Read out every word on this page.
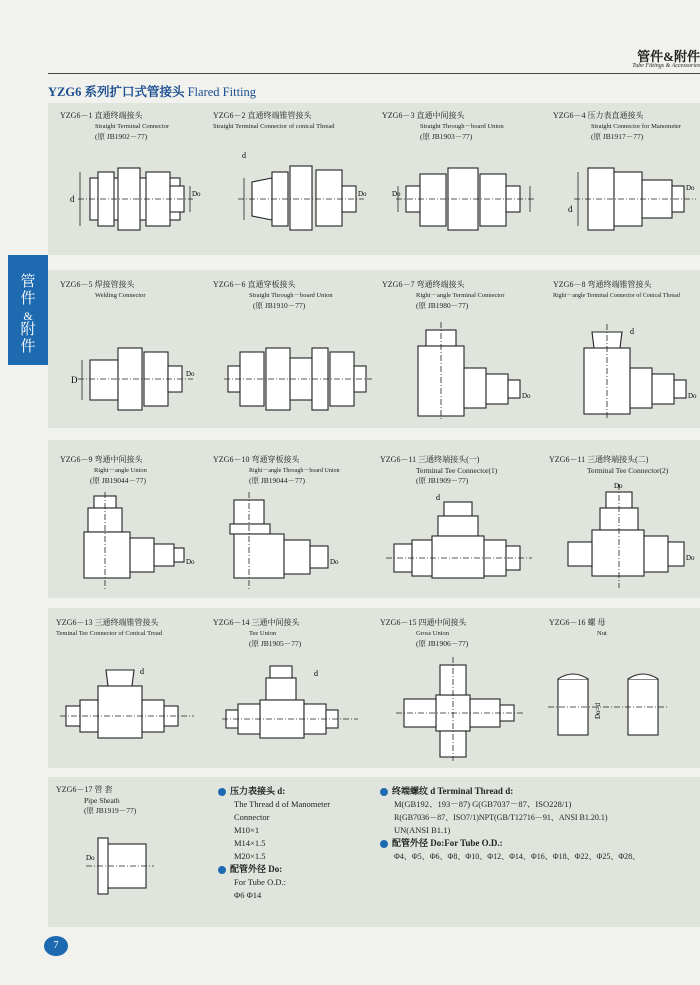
管件&附件
Tube Fittings & Accessories
YZG6 系列扩口式管接头 Flared Fitting
管
件
&
附
件
YZG6－1 直通终端接头
Straight Terminal Connector
(原 JB1902－77)
YZG6－2 直通终端锥管接头
Straight Terminal Connector of conical Thread
YZG6－3 直通中间接头
Straight Through－board Union
(原 JB1903－77)
YZG6－4 压力表直通接头
Straight Connector for Manometer
(原 JB1917－77)
d	Do
d
Do	Do
d
Do
YZG6－5 焊接管接头
Welding Connector
YZG6－6 直通穿板接头
Straight Through－board Union
(原 JB1910－77)
YZG6－7 弯通终端接头
Right－angle Terminal Connector
(原 JB1980－77)
YZG6－8 弯通终端锥管接头
Right－angle Terminal Connector of Conical Thread
D
Do
Do
d
Do
YZG6－9 弯通中间接头
Right－angle Union
(原 JB19044－77)
YZG6－10 弯通穿板接头
Right－angle Through－board Union
(原 JB19044－77)
YZG6－11 三通终端接头(一)
Terminal Tee Connector(1)
(原 JB1909－77)
YZG6－11 三通终端接头(二)
Terminal Tee Connector(2)
Do	Do
d
Do
Do
YZG6－13 三通终端锥管接头
Teminal Tee Connector of Conical Tread
YZG6－14 三通中间接头
Tee Union
(原 JB1905－77)
YZG6－15 四通中间接头
Gross Union
(原 JB1906－77)
YZG6－16 螺 母
Nut
d	d
Do=d
YZG6－17 管 套
Pipe Sheath
(原 JB1919－77)
Do
压力表接头 d:
The Thread d of Manometer
Connector
M10×1
M14×1.5
M20×1.5
配管外径 Do:
For Tube O.D.:
Φ6 Φ14
终端螺纹 d Terminal Thread d:
M(GB192、193－87) G(GB7037－87、ISO228/1)
R(GB7036－87、ISO7/1)NPT(GB/T12716－91、ANSI B1.20.1)
UN(ANSI B1.1)
配管外径 Do:For Tube O.D.:
Φ4、Φ5、Φ6、Φ8、Φ10、Φ12、Φ14、Φ16、Φ18、Φ22、Φ25、Φ28、
7
